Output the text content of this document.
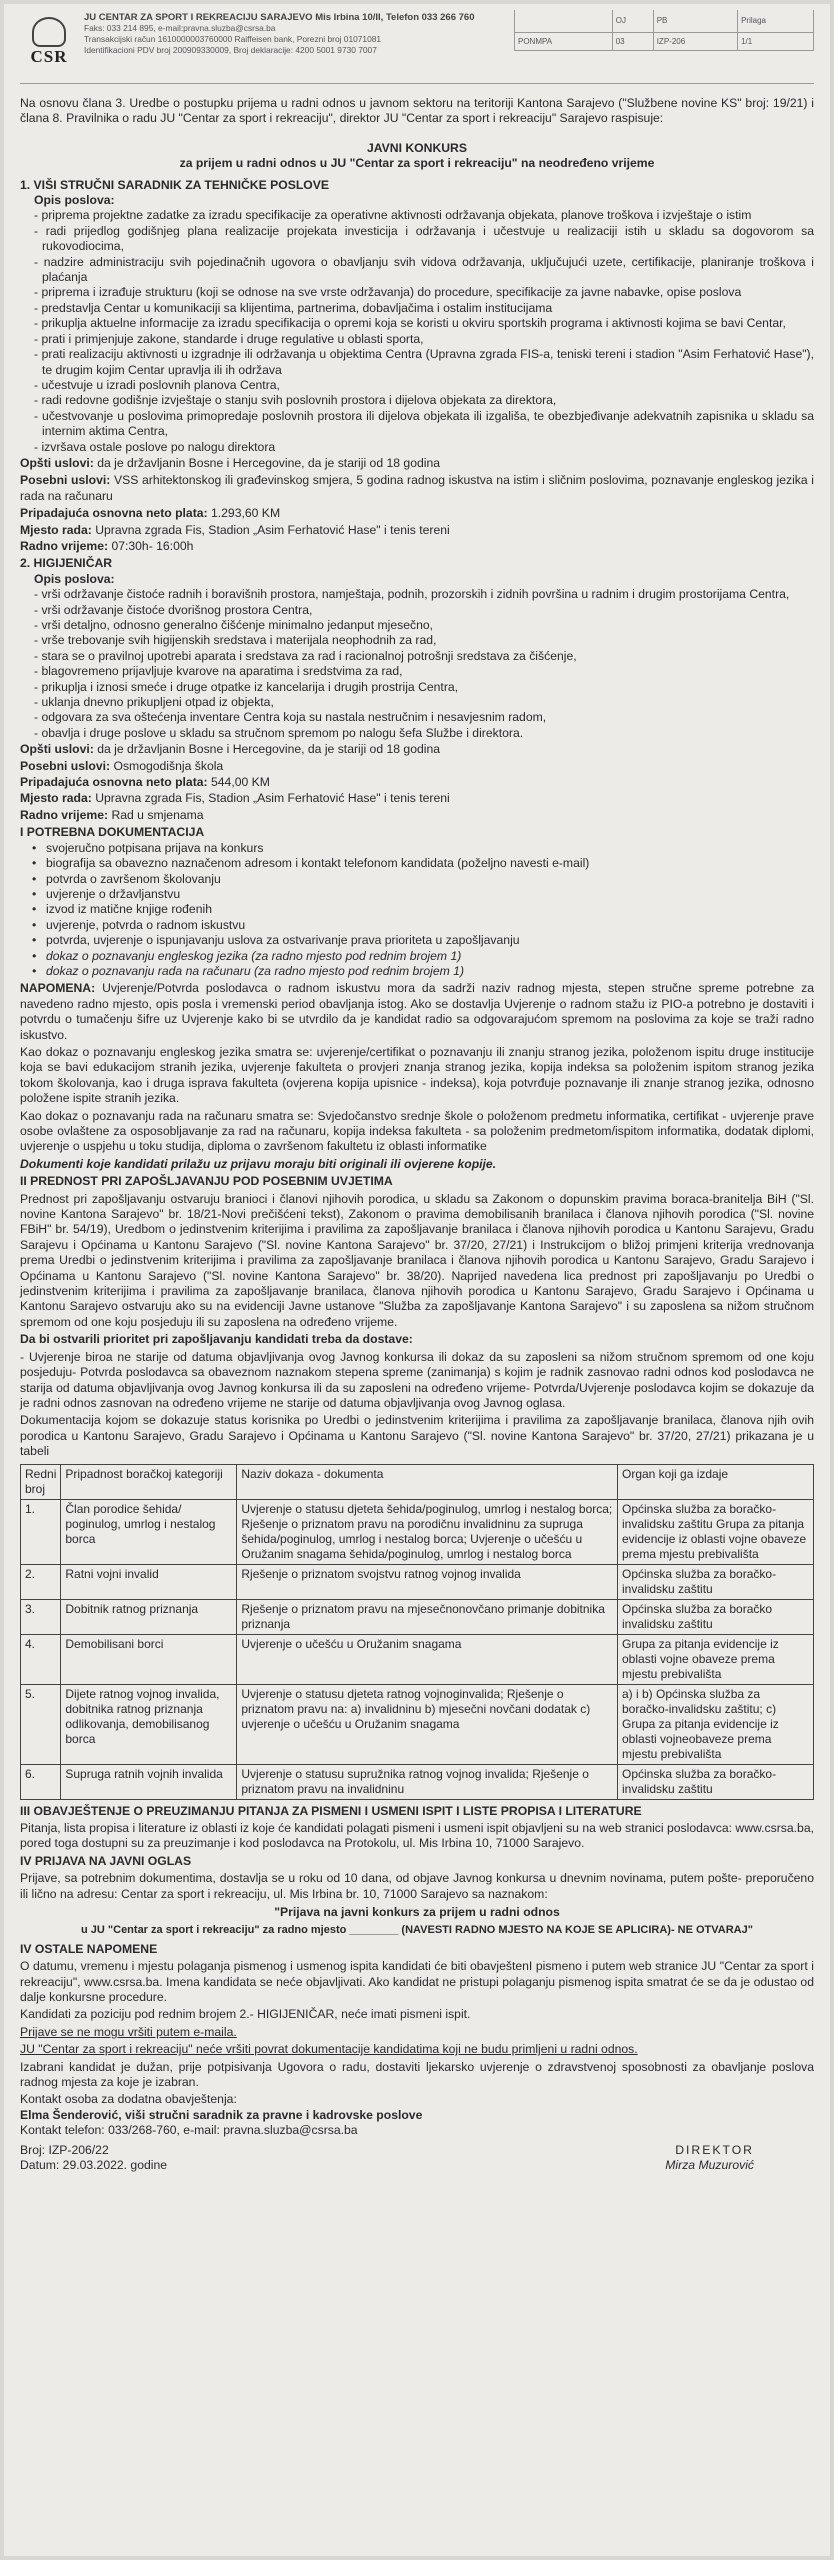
CSR
JU CENTAR ZA SPORT I REKREACIJU SARAJEVO Mis Irbina 10/II, Telefon 033 266 760
Faks: 033 214 895, e-mail:pravna.sluzba@csrsa.ba
Transakcijski račun 1610000003760000 Raiffeisen bank, Porezni broj 01071081
Identifikacioni PDV broj 200909330009, Broj deklaracije: 4200 5001 9730 7007
	OJ	PB	Prilaga
PONMPA	03	IZP-206	1/1

Na osnovu člana 3. Uredbe o postupku prijema u radni odnos u javnom sektoru na teritoriji Kantona Sarajevo ("Službene novine KS" broj: 19/21) i člana 8. Pravilnika o radu JU "Centar za sport i rekreaciju", direktor JU "Centar za sport i rekreaciju" Sarajevo raspisuje:

JAVNI KONKURS
za prijem u radni odnos u JU "Centar za sport i rekreaciju" na neodređeno vrijeme
1. VIŠI STRUČNI SARADNIK ZA TEHNIČKE POSLOVE
Opis poslova:
- priprema projektne zadatke za izradu specifikacije za operativne aktivnosti održavanja objekata, planove troškova i izvještaje o istim
- radi prijedlog godišnjeg plana realizacije projekata investicija i održavanja i učestvuje u realizaciji istih u skladu sa dogovorom sa rukovodiocima,
- nadzire administraciju svih pojedinačnih ugovora o obavljanju svih vidova održavanja, uključujući uzete, certifikacije, planiranje troškova i plaćanja
- priprema i izrađuje strukturu (koji se odnose na sve vrste održavanja) do procedure, specifikacije za javne nabavke, opise poslova
- predstavlja Centar u komunikaciji sa klijentima, partnerima, dobavljačima i ostalim institucijama
- prikuplja aktuelne informacije za izradu specifikacija o opremi koja se koristi u okviru sportskih programa i aktivnosti kojima se bavi Centar,
- prati i primjenjuje zakone, standarde i druge regulative u oblasti sporta,
- prati realizaciju aktivnosti u izgradnje ili održavanja u objektima Centra (Upravna zgrada FIS-a, teniski tereni i stadion "Asim Ferhatović Hase"), te drugim kojim Centar upravlja ili ih održava
- učestvuje u izradi poslovnih planova Centra,
- radi redovne godišnje izvještaje o stanju svih poslovnih prostora i dijelova objekata za direktora,
- učestvovanje u poslovima primopredaje poslovnih prostora ili dijelova objekata ili izgališa, te obezbjeđivanje adekvatnih zapisnika u skladu sa internim aktima Centra,
- izvršava ostale poslove po nalogu direktora
Opšti uslovi: da je državljanin Bosne i Hercegovine, da je stariji od 18 godina
Posebni uslovi: VSS arhitektonskog ili građevinskog smjera, 5 godina radnog iskustva na istim i sličnim poslovima, poznavanje engleskog jezika i rada na računaru
Pripadajuća osnovna neto plata: 1.293,60 KM
Mjesto rada: Upravna zgrada Fis, Stadion „Asim Ferhatović Hase" i tenis tereni
Radno vrijeme: 07:30h- 16:00h
2. HIGIJENIČAR
Opis poslova:
- vrši održavanje čistoće radnih i boravišnih prostora, namještaja, podnih, prozorskih i zidnih površina u radnim i drugim prostorijama Centra,
- vrši održavanje čistoće dvorišnog prostora Centra,
- vrši detaljno, odnosno generalno čišćenje minimalno jedanput mjesečno,
- vrše trebovanje svih higijenskih sredstava i materijala neophodnih za rad,
- stara se o pravilnoj upotrebi aparata i sredstava za rad i racionalnoj potrošnji sredstava za čišćenje,
- blagovremeno prijavljuje kvarove na aparatima i sredstvima za rad,
- prikuplja i iznosi smeće i druge otpatke iz kancelarija i drugih prostrija Centra,
- uklanja dnevno prikupljeni otpad iz objekta,
- odgovara za sva oštećenja inventare Centra koja su nastala nestručnim i nesavjesnim radom,
- obavlja i druge poslove u skladu sa stručnom spremom po nalogu šefa Službe i direktora.
Opšti uslovi: da je državljanin Bosne i Hercegovine, da je stariji od 18 godina
Posebni uslovi: Osmogodišnja škola
Pripadajuća osnovna neto plata: 544,00 KM
Mjesto rada: Upravna zgrada Fis, Stadion „Asim Ferhatović Hase" i tenis tereni
Radno vrijeme: Rad u smjenama
I POTREBNA DOKUMENTACIJA
• svojeručno potpisana prijava na konkurs
• biografija sa obavezno naznačenom adresom i kontakt telefonom kandidata (poželjno navesti e-mail)
• potvrda o završenom školovanju
• uvjerenje o državljanstvu
• izvod iz matične knjige rođenih
• uvjerenje, potvrda o radnom iskustvu
• potvrda, uvjerenje o ispunjavanju uslova za ostvarivanje prava prioriteta u zapošljavanju
• dokaz o poznavanju engleskog jezika (za radno mjesto pod rednim brojem 1)
• dokaz o poznavanju rada na računaru (za radno mjesto pod rednim brojem 1)

NAPOMENA: Uvjerenje/Potvrda poslodavca o radnom iskustvu mora da sadrži naziv radnog mjesta, stepen stručne spreme potrebne za navedeno radno mjesto, opis posla i vremenski period obavljanja istog. Ako se dostavlja Uvjerenje o radnom stažu iz PIO-a potrebno je dostaviti i potvrdu o tumačenju šifre uz Uvjerenje kako bi se utvrdilo da je kandidat radio sa odgovarajućom spremom na poslovima za koje se traži radno iskustvo.

Kao dokaz o poznavanju engleskog jezika smatra se: uvjerenje/certifikat o poznavanju ili znanju stranog jezika, položenom ispitu druge institucije koja se bavi edukacijom stranih jezika, uvjerenje fakulteta o provjeri znanja stranog jezika, kopija indeksa sa položenim ispitom stranog jezika tokom školovanja, kao i druga isprava fakulteta (ovjerena kopija upisnice - indeksa), koja potvrđuje poznavanje ili znanje stranog jezika, odnosno položene ispite stranih jezika.

Kao dokaz o poznavanju rada na računaru smatra se: Svjedočanstvo srednje škole o položenom predmetu informatika, certifikat - uvjerenje prave osobe ovlaštene za osposobljavanje za rad na računaru, kopija indeksa fakulteta - sa položenim predmetom/ispitom informatika, dodatak diplomi, uvjerenje o uspjehu u toku studija, diploma o završenom fakultetu iz oblasti informatike

Dokumenti koje kandidati prilažu uz prijavu moraju biti originali ili ovjerene kopije.

II PREDNOST PRI ZAPOŠLJAVANJU POD POSEBNIM UVJETIMA

Prednost pri zapošljavanju ostvaruju branioci i članovi njihovih porodica, u skladu sa Zakonom o dopunskim pravima boraca-branitelja BiH ("Sl. novine Kantona Sarajevo" br. 18/21-Novi prečišćeni tekst), Zakonom o pravima demobilisanih branilaca i članova njihovih porodica ("Sl. novine FBiH" br. 54/19), Uredbom o jedinstvenim kriterijima i pravilima za zapošljavanje branilaca i članova njihovih porodica u Kantonu Sarajevu, Gradu Sarajevu i Općinama u Kantonu Sarajevo ("Sl. novine Kantona Sarajevo" br. 37/20, 27/21) i Instrukcijom o bližoj primjeni kriterija vrednovanja prema Uredbi o jedinstvenim kriterijima i pravilima za zapošljavanje branilaca i članova njihovih porodica u Kantonu Sarajevo, Gradu Sarajevo i Općinama u Kantonu Sarajevo ("Sl. novine Kantona Sarajevo" br. 38/20). Naprijed navedena lica prednost pri zapošljavanju po Uredbi o jedinstvenim kriterijima i pravilima za zapošljavanje branilaca, članova njihovih porodica u Kantonu Sarajevo, Gradu Sarajevo i Općinama u Kantonu Sarajevo ostvaruju ako su na evidenciji Javne ustanove "Služba za zapošljavanje Kantona Sarajevo" i su zaposlena sa nižom stručnom spremom od one koju posjeduju ili su zaposlena na određeno vrijeme.

Da bi ostvarili prioritet pri zapošljavanju kandidati treba da dostave:

- Uvjerenje biroa ne starije od datuma objavljivanja ovog Javnog konkursa ili dokaz da su zaposleni sa nižom stručnom spremom od one koju posjeduju- Potvrda poslodavca sa obaveznom naznakom stepena spreme (zanimanja) s kojim je radnik zasnovao radni odnos kod poslodavca ne starija od datuma objavljivanja ovog Javnog konkursa ili da su zaposleni na određeno vrijeme- Potvrda/Uvjerenje poslodavca kojim se dokazuje da je radni odnos zasnovan na određeno vrijeme ne starije od datuma objavljivanja ovog Javnog oglasa.

Dokumentacija kojom se dokazuje status korisnika po Uredbi o jedinstvenim kriterijima i pravilima za zapošljavanje branilaca, članova njih ovih porodica u Kantonu Sarajevo, Gradu Sarajevo i Općinama u Kantonu Sarajevo ("Sl. novine Kantona Sarajevo" br. 37/20, 27/21) prikazana je u tabeli

Redni broj	Pripadnost boračkoj kategoriji	Naziv dokaza - dokumenta	Organ koji ga izdaje
1.	Član porodice šehida/ poginulog, umrlog i nestalog borca	Uvjerenje o statusu djeteta šehida/poginulog, umrlog i nestalog borca; Rješenje o priznatom pravu na porodičnu invalidninu za supruga šehida/poginulog, umrlog i nestalog borca; Uvjerenje o učešću u Oružanim snagama šehida/poginulog, umrlog i nestalog borca	Općinska služba za boračko-invalidsku zaštitu Grupa za pitanja evidencije iz oblasti vojne obaveze prema mjestu prebivališta
2.	Ratni vojni invalid	Rješenje o priznatom svojstvu ratnog vojnog invalida	Općinska služba za boračko-invalidsku zaštitu
3.	Dobitnik ratnog priznanja	Rješenje o priznatom pravu na mjesečnonovčano primanje dobitnika priznanja	Općinska služba za boračko invalidsku zaštitu
4.	Demobilisani borci	Uvjerenje o učešću u Oružanim snagama	Grupa za pitanja evidencije iz oblasti vojne obaveze prema mjestu prebivališta
5.	Dijete ratnog vojnog invalida, dobitnika ratnog priznanja odlikovanja, demobilisanog borca	Uvjerenje o statusu djeteta ratnog vojnoginvalida; Rješenje o priznatom pravu na: a) invalidninu b) mjesečni novčani dodatak c) uvjerenje o učešću u Oružanim snagama	a) i b) Općinska služba za boračko-invalidsku zaštitu; c) Grupa za pitanja evidencije iz oblasti vojneobaveze prema mjestu prebivališta
6.	Supruga ratnih vojnih invalida	Uvjerenje o statusu supružnika ratnog vojnog invalida; Rješenje o priznatom pravu na invalidninu	Općinska služba za boračko-invalidsku zaštitu
III OBAVJEŠTENJE O PREUZIMANJU PITANJA ZA PISMENI I USMENI ISPIT I LISTE PROPISA I LITERATURE

Pitanja, lista propisa i literature iz oblasti iz koje će kandidati polagati pismeni i usmeni ispit objavljeni su na web stranici poslodavca: www.csrsa.ba, pored toga dostupni su za preuzimanje i kod poslodavca na Protokolu, ul. Mis Irbina 10, 71000 Sarajevo.

IV PRIJAVA NA JAVNI OGLAS

Prijave, sa potrebnim dokumentima, dostavlja se u roku od 10 dana, od objave Javnog konkursa u dnevnim novinama, putem pošte- preporučeno ili lično na adresu: Centar za sport i rekreaciju, ul. Mis Irbina br. 10, 71000 Sarajevo sa naznakom:

"Prijava na javni konkurs za prijem u radni odnos
u JU "Centar za sport i rekreaciju" za radno mjesto ________ (NAVESTI RADNO MJESTO NA KOJE SE APLICIRA)- NE OTVARAJ"
IV OSTALE NAPOMENE

O datumu, vremenu i mjestu polaganja pismenog i usmenog ispita kandidati će biti obavještenI pismeno i putem web stranice JU "Centar za sport i rekreaciju", www.csrsa.ba. Imena kandidata se neće objavljivati. Ako kandidat ne pristupi polaganju pismenog ispita smatrat će se da je odustao od dalje konkursne procedure.

Kandidati za poziciju pod rednim brojem 2.- HIGIJENIČAR, neće imati pismeni ispit.

Prijave se ne mogu vršiti putem e-maila.

JU "Centar za sport i rekreaciju" neće vršiti povrat dokumentacije kandidatima koji ne budu primljeni u radni odnos.

Izabrani kandidat je dužan, prije potpisivanja Ugovora o radu, dostaviti ljekarsko uvjerenje o zdravstvenoj sposobnosti za obavljanje poslova radnog mjesta za koje je izabran.

Kontakt osoba za dodatna obavještenja:
Elma Šenderović, viši stručni saradnik za pravne i kadrovske poslove
Kontakt telefon: 033/268-760, e-mail: pravna.sluzba@csrsa.ba
Broj: IZP-206/22
Datum: 29.03.2022. godine
DIREKTOR
Mirza Muzurović
